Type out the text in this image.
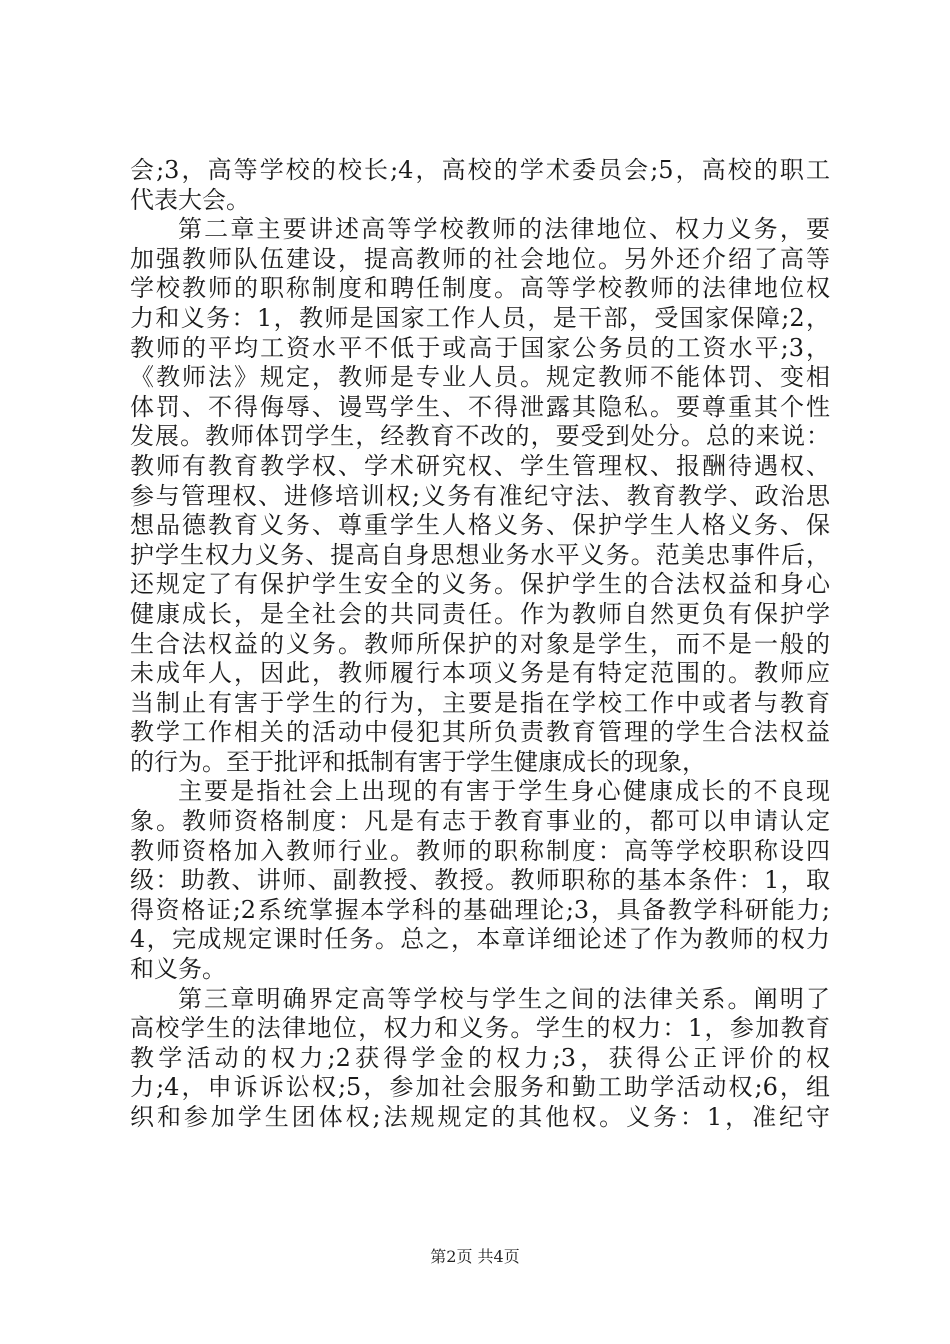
会;3，高等学校的校长;4，高校的学术委员会;5，高校的职工
代表大会。
第二章主要讲述高等学校教师的法律地位、权力义务，要
加强教师队伍建设，提高教师的社会地位。另外还介绍了高等
学校教师的职称制度和聘任制度。高等学校教师的法律地位权
力和义务：1，教师是国家工作人员，是干部，受国家保障;2，
教师的平均工资水平不低于或高于国家公务员的工资水平;3，
《教师法》规定，教师是专业人员。规定教师不能体罚、变相
体罚、不得侮辱、谩骂学生、不得泄露其隐私。要尊重其个性
发展。教师体罚学生，经教育不改的，要受到处分。总的来说：
教师有教育教学权、学术研究权、学生管理权、报酬待遇权、
参与管理权、进修培训权;义务有准纪守法、教育教学、政治思
想品德教育义务、尊重学生人格义务、保护学生人格义务、保
护学生权力义务、提高自身思想业务水平义务。范美忠事件后，
还规定了有保护学生安全的义务。保护学生的合法权益和身心
健康成长，是全社会的共同责任。作为教师自然更负有保护学
生合法权益的义务。教师所保护的对象是学生，而不是一般的
未成年人，因此，教师履行本项义务是有特定范围的。教师应
当制止有害于学生的行为，主要是指在学校工作中或者与教育
教学工作相关的活动中侵犯其所负责教育管理的学生合法权益
的行为。至于批评和抵制有害于学生健康成长的现象，
主要是指社会上出现的有害于学生身心健康成长的不良现
象。教师资格制度：凡是有志于教育事业的，都可以申请认定
教师资格加入教师行业。教师的职称制度：高等学校职称设四
级：助教、讲师、副教授、教授。教师职称的基本条件：1，取
得资格证;2系统掌握本学科的基础理论;3，具备教学科研能力;
4，完成规定课时任务。总之，本章详细论述了作为教师的权力
和义务。
第三章明确界定高等学校与学生之间的法律关系。阐明了
高校学生的法律地位，权力和义务。学生的权力：1，参加教育
教学活动的权力;2获得学金的权力;3，获得公正评价的权
力;4，申诉诉讼权;5，参加社会服务和勤工助学活动权;6，组
织和参加学生团体权;法规规定的其他权。义务：1，准纪守
第2页 共4页
